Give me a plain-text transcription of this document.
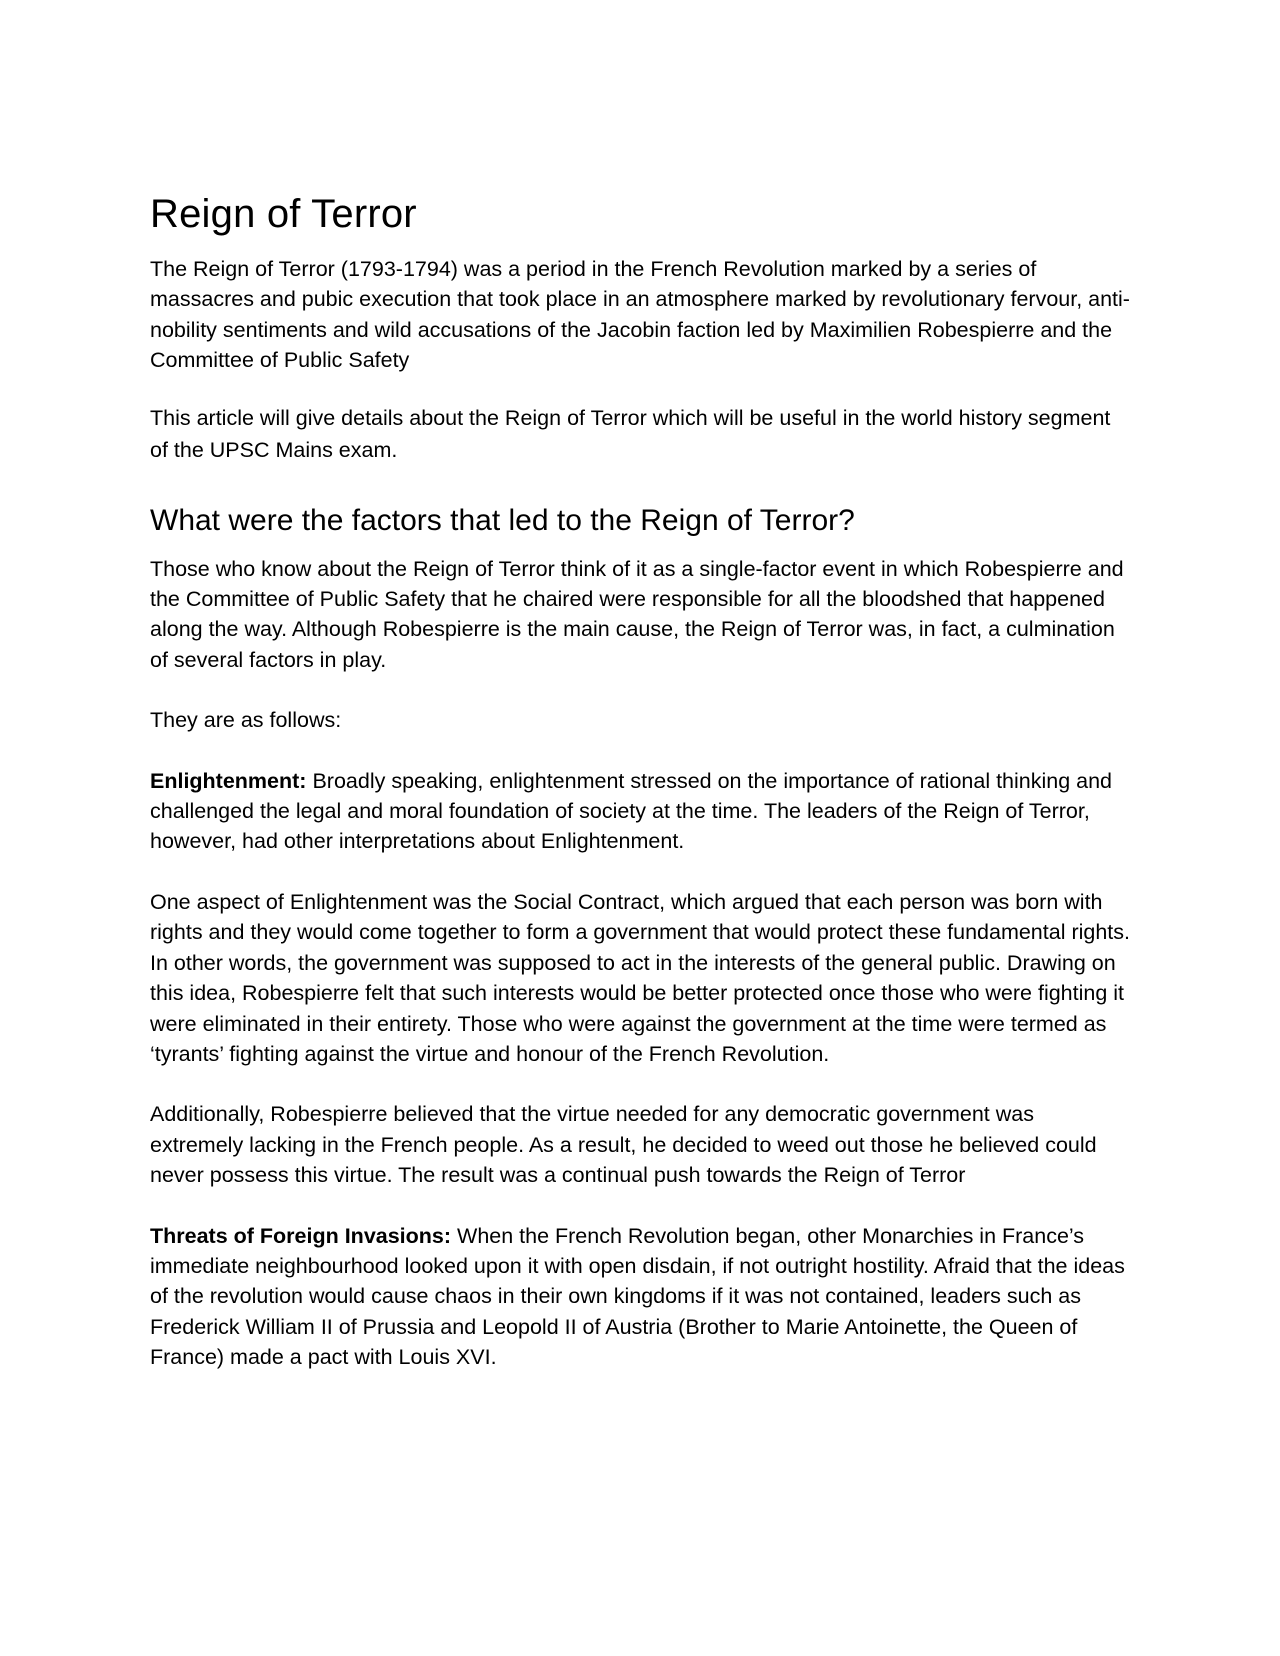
Reign of Terror

The Reign of Terror (1793-1794) was a period in the French Revolution marked by a series of massacres and pubic execution that took place in an atmosphere marked by revolutionary fervour, anti-nobility sentiments and wild accusations of the Jacobin faction led by Maximilien Robespierre and the Committee of Public Safety

This article will give details about the Reign of Terror which will be useful in the world history segment of the UPSC Mains exam.

What were the factors that led to the Reign of Terror?

Those who know about the Reign of Terror think of it as a single-factor event in which Robespierre and the Committee of Public Safety that he chaired were responsible for all the bloodshed that happened along the way. Although Robespierre is the main cause, the Reign of Terror was, in fact, a culmination of several factors in play.

They are as follows:

Enlightenment: Broadly speaking, enlightenment stressed on the importance of rational thinking and challenged the legal and moral foundation of society at the time. The leaders of the Reign of Terror, however, had other interpretations about Enlightenment.

One aspect of Enlightenment was the Social Contract, which argued that each person was born with rights and they would come together to form a government that would protect these fundamental rights. In other words, the government was supposed to act in the interests of the general public. Drawing on this idea, Robespierre felt that such interests would be better protected once those who were fighting it were eliminated in their entirety. Those who were against the government at the time were termed as ‘tyrants’ fighting against the virtue and honour of the French Revolution.

Additionally, Robespierre believed that the virtue needed for any democratic government was extremely lacking in the French people. As a result, he decided to weed out those he believed could never possess this virtue. The result was a continual push towards the Reign of Terror

Threats of Foreign Invasions: When the French Revolution began, other Monarchies in France’s immediate neighbourhood looked upon it with open disdain, if not outright hostility. Afraid that the ideas of the revolution would cause chaos in their own kingdoms if it was not contained, leaders such as Frederick William II of Prussia and Leopold II of Austria (Brother to Marie Antoinette, the Queen of France) made a pact with Louis XVI.
